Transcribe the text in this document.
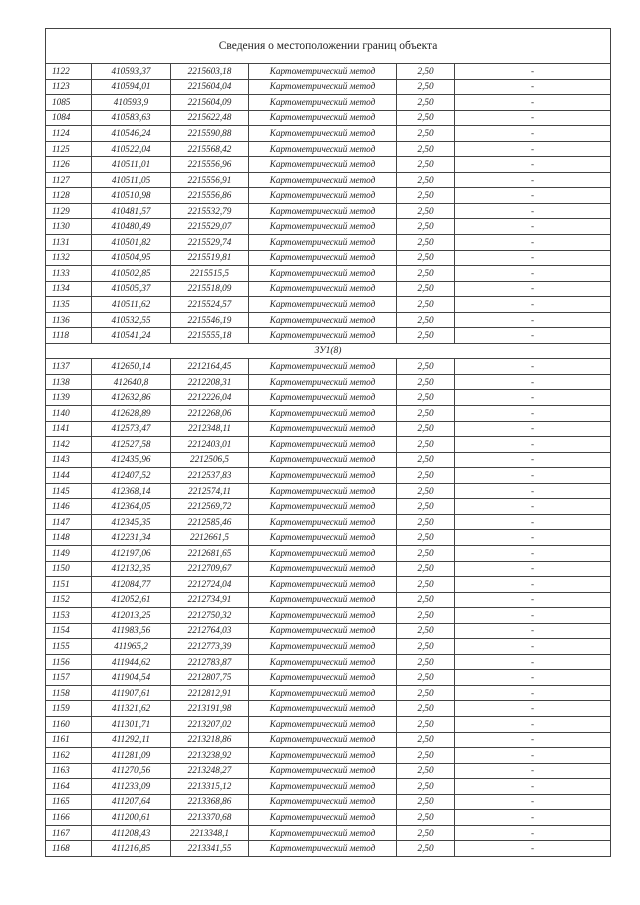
Сведения о местоположении границ объекта					
1122	410593,37	2215603,18	Картометрический метод	2,50	-
1123	410594,01	2215604,04	Картометрический метод	2,50	-
1085	410593,9	2215604,09	Картометрический метод	2,50	-
1084	410583,63	2215622,48	Картометрический метод	2,50	-
1124	410546,24	2215590,88	Картометрический метод	2,50	-
1125	410522,04	2215568,42	Картометрический метод	2,50	-
1126	410511,01	2215556,96	Картометрический метод	2,50	-
1127	410511,05	2215556,91	Картометрический метод	2,50	-
1128	410510,98	2215556,86	Картометрический метод	2,50	-
1129	410481,57	2215532,79	Картометрический метод	2,50	-
1130	410480,49	2215529,07	Картометрический метод	2,50	-
1131	410501,82	2215529,74	Картометрический метод	2,50	-
1132	410504,95	2215519,81	Картометрический метод	2,50	-
1133	410502,85	2215515,5	Картометрический метод	2,50	-
1134	410505,37	2215518,09	Картометрический метод	2,50	-
1135	410511,62	2215524,57	Картометрический метод	2,50	-
1136	410532,55	2215546,19	Картометрический метод	2,50	-
1118	410541,24	2215555,18	Картометрический метод	2,50	-
ЗУ1(8)					
1137	412650,14	2212164,45	Картометрический метод	2,50	-
1138	412640,8	2212208,31	Картометрический метод	2,50	-
1139	412632,86	2212226,04	Картометрический метод	2,50	-
1140	412628,89	2212268,06	Картометрический метод	2,50	-
1141	412573,47	2212348,11	Картометрический метод	2,50	-
1142	412527,58	2212403,01	Картометрический метод	2,50	-
1143	412435,96	2212506,5	Картометрический метод	2,50	-
1144	412407,52	2212537,83	Картометрический метод	2,50	-
1145	412368,14	2212574,11	Картометрический метод	2,50	-
1146	412364,05	2212569,72	Картометрический метод	2,50	-
1147	412345,35	2212585,46	Картометрический метод	2,50	-
1148	412231,34	2212661,5	Картометрический метод	2,50	-
1149	412197,06	2212681,65	Картометрический метод	2,50	-
1150	412132,35	2212709,67	Картометрический метод	2,50	-
1151	412084,77	2212724,04	Картометрический метод	2,50	-
1152	412052,61	2212734,91	Картометрический метод	2,50	-
1153	412013,25	2212750,32	Картометрический метод	2,50	-
1154	411983,56	2212764,03	Картометрический метод	2,50	-
1155	411965,2	2212773,39	Картометрический метод	2,50	-
1156	411944,62	2212783,87	Картометрический метод	2,50	-
1157	411904,54	2212807,75	Картометрический метод	2,50	-
1158	411907,61	2212812,91	Картометрический метод	2,50	-
1159	411321,62	2213191,98	Картометрический метод	2,50	-
1160	411301,71	2213207,02	Картометрический метод	2,50	-
1161	411292,11	2213218,86	Картометрический метод	2,50	-
1162	411281,09	2213238,92	Картометрический метод	2,50	-
1163	411270,56	2213248,27	Картометрический метод	2,50	-
1164	411233,09	2213315,12	Картометрический метод	2,50	-
1165	411207,64	2213368,86	Картометрический метод	2,50	-
1166	411200,61	2213370,68	Картометрический метод	2,50	-
1167	411208,43	2213348,1	Картометрический метод	2,50	-
1168	411216,85	2213341,55	Картометрический метод	2,50	-
